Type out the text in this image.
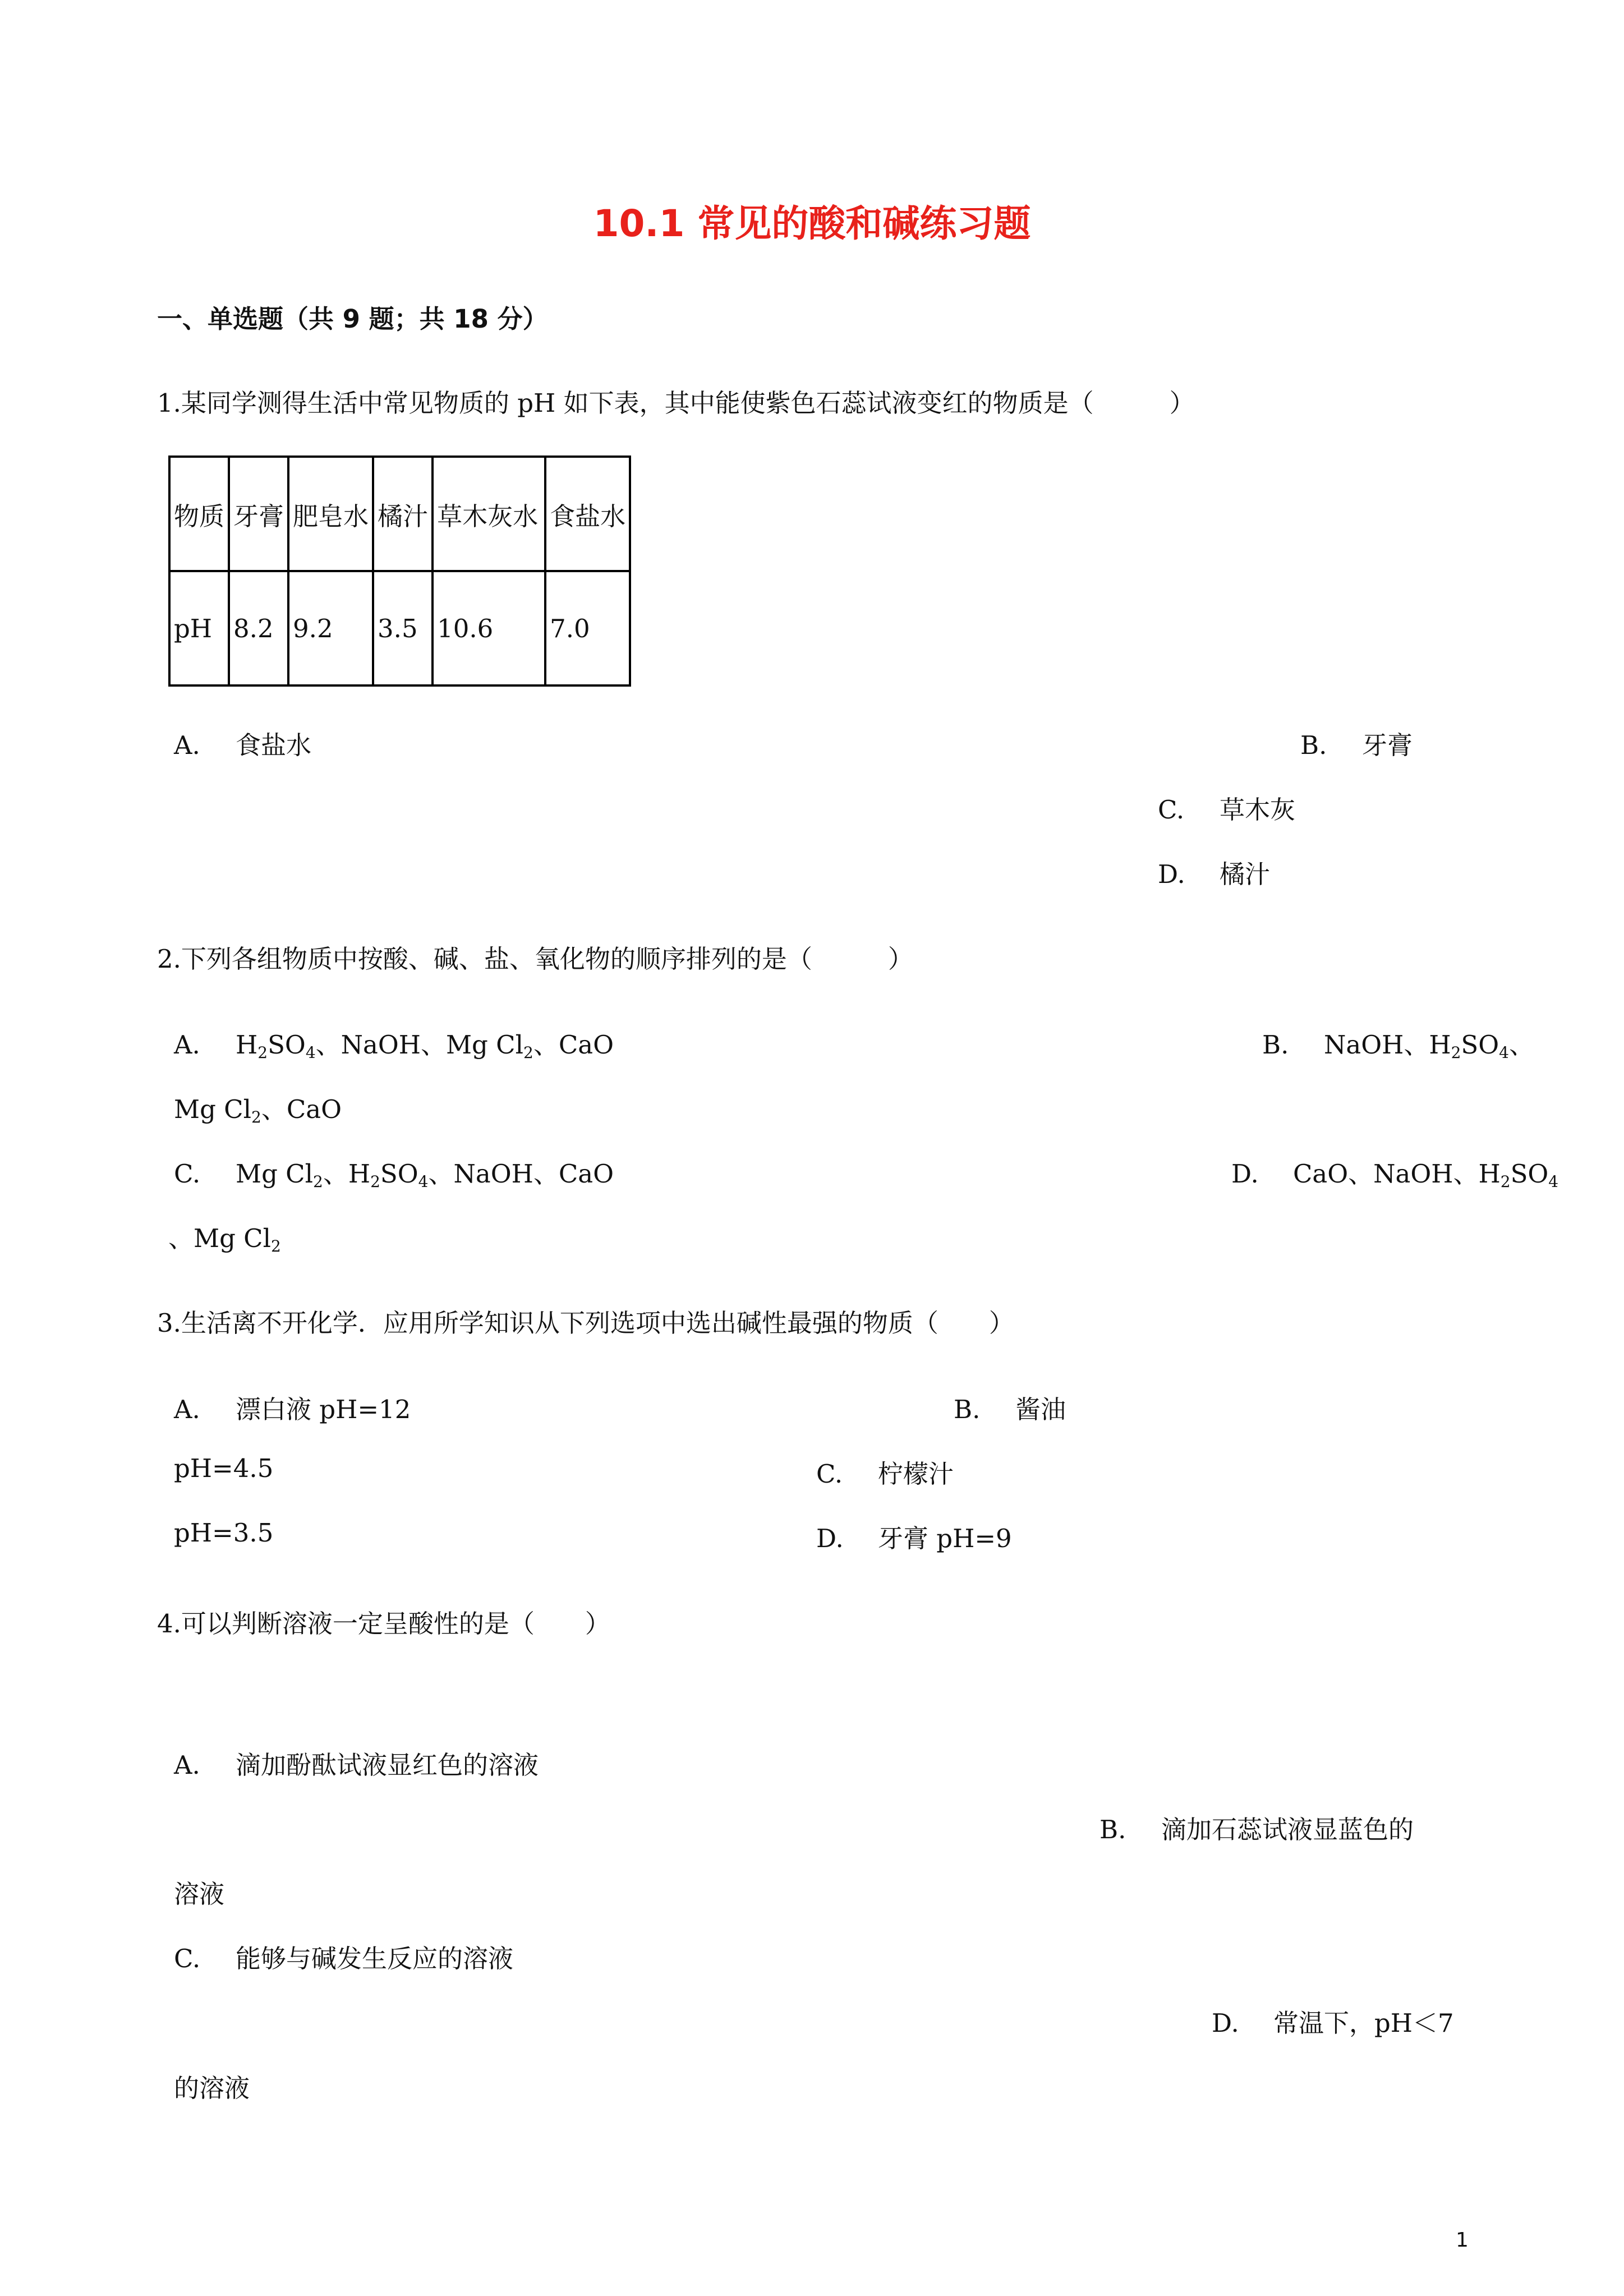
10.1 常见的酸和碱练习题
一、单选题（共 9 题；共 18 分）
1.某同学测得生活中常见物质的 pH 如下表，其中能使紫色石蕊试液变红的物质是（　　　）
物质	牙膏	肥皂水	橘汁	草木灰水	食盐水
pH	8.2	9.2	3.5	10.6	7.0
A. 食盐水	B. 牙膏
C. 草木灰
D. 橘汁
2.下列各组物质中按酸、碱、盐、氧化物的顺序排列的是（　　　）
A. $H_2SO_4$、NaOH、Mg $Cl_2$、CaO	B. NaOH、$H_2SO_4$、
Mg $Cl_2$、CaO
C. Mg $Cl_2$、$H_2SO_4$、NaOH、CaO	D. CaO、NaOH、$H_2SO_4$
、Mg $Cl_2$
3.生活离不开化学．应用所学知识从下列选项中选出碱性最强的物质（　　）
A. 漂白液 pH=12	B. 酱油
pH=4.5	C. 柠檬汁
pH=3.5	D. 牙膏 pH=9
4.可以判断溶液一定呈酸性的是（　　）
A. 滴加酚酞试液显红色的溶液
B. 滴加石蕊试液显蓝色的
溶液
C. 能够与碱发生反应的溶液
D. 常温下，pH＜7
的溶液
1
